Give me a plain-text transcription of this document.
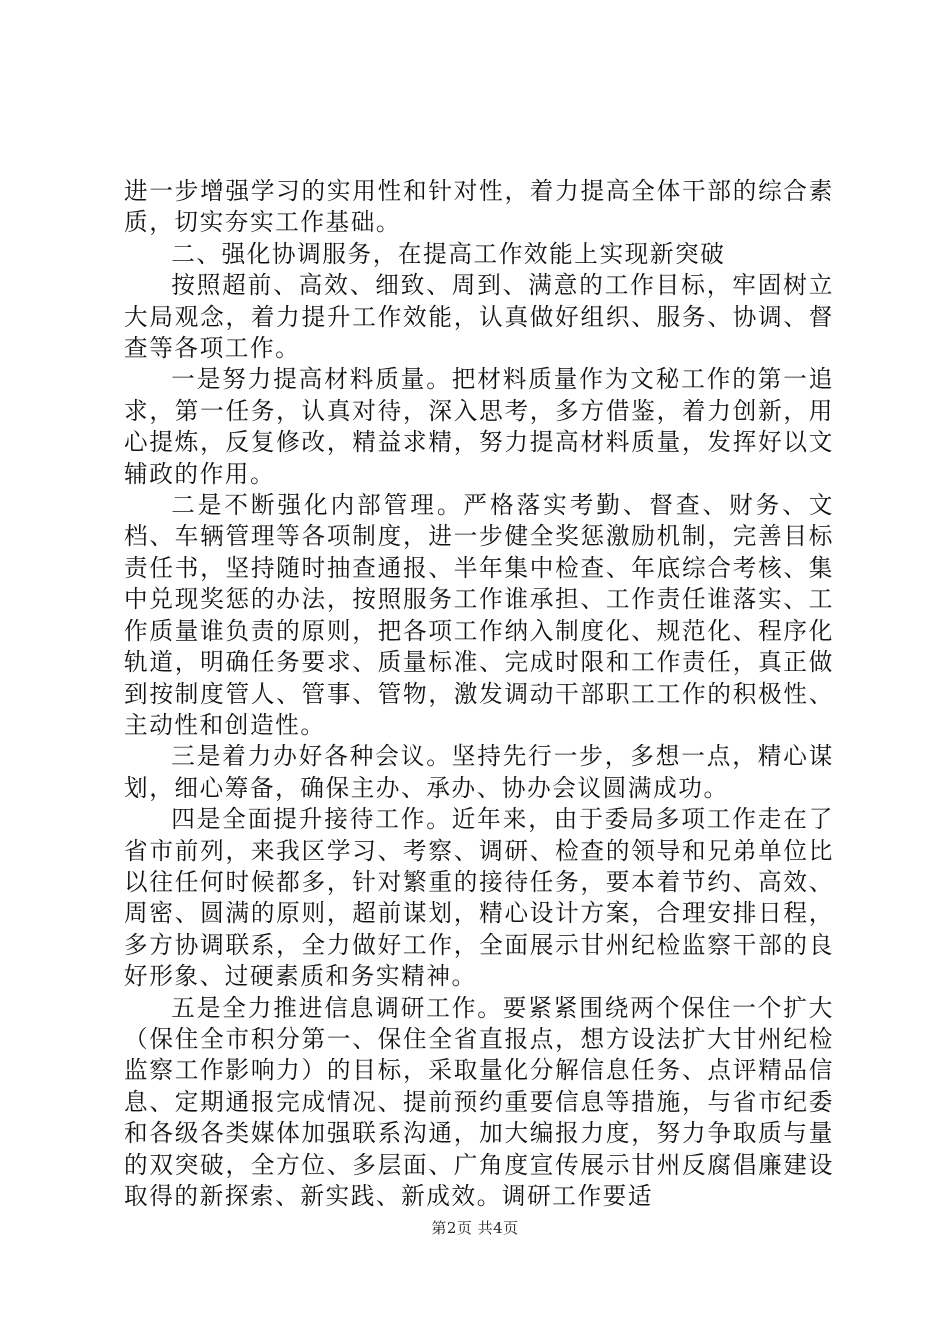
进一步增强学习的实用性和针对性，着力提高全体干部的综合素质，切实夯实工作基础。

二、强化协调服务，在提高工作效能上实现新突破

按照超前、高效、细致、周到、满意的工作目标，牢固树立大局观念，着力提升工作效能，认真做好组织、服务、协调、督查等各项工作。

一是努力提高材料质量。把材料质量作为文秘工作的第一追求，第一任务，认真对待，深入思考，多方借鉴，着力创新，用心提炼，反复修改，精益求精，努力提高材料质量，发挥好以文辅政的作用。

二是不断强化内部管理。严格落实考勤、督查、财务、文档、车辆管理等各项制度，进一步健全奖惩激励机制，完善目标责任书，坚持随时抽查通报、半年集中检查、年底综合考核、集中兑现奖惩的办法，按照服务工作谁承担、工作责任谁落实、工作质量谁负责的原则，把各项工作纳入制度化、规范化、程序化轨道，明确任务要求、质量标准、完成时限和工作责任，真正做到按制度管人、管事、管物，激发调动干部职工工作的积极性、主动性和创造性。

三是着力办好各种会议。坚持先行一步，多想一点，精心谋划，细心筹备，确保主办、承办、协办会议圆满成功。

四是全面提升接待工作。近年来，由于委局多项工作走在了省市前列，来我区学习、考察、调研、检查的领导和兄弟单位比以往任何时候都多，针对繁重的接待任务，要本着节约、高效、周密、圆满的原则，超前谋划，精心设计方案，合理安排日程，多方协调联系，全力做好工作，全面展示甘州纪检监察干部的良好形象、过硬素质和务实精神。

五是全力推进信息调研工作。要紧紧围绕两个保住一个扩大（保住全市积分第一、保住全省直报点，想方设法扩大甘州纪检监察工作影响力）的目标，采取量化分解信息任务、点评精品信息、定期通报完成情况、提前预约重要信息等措施，与省市纪委和各级各类媒体加强联系沟通，加大编报力度，努力争取质与量的双突破，全方位、多层面、广角度宣传展示甘州反腐倡廉建设取得的新探索、新实践、新成效。调研工作要适

第2页 共4页
